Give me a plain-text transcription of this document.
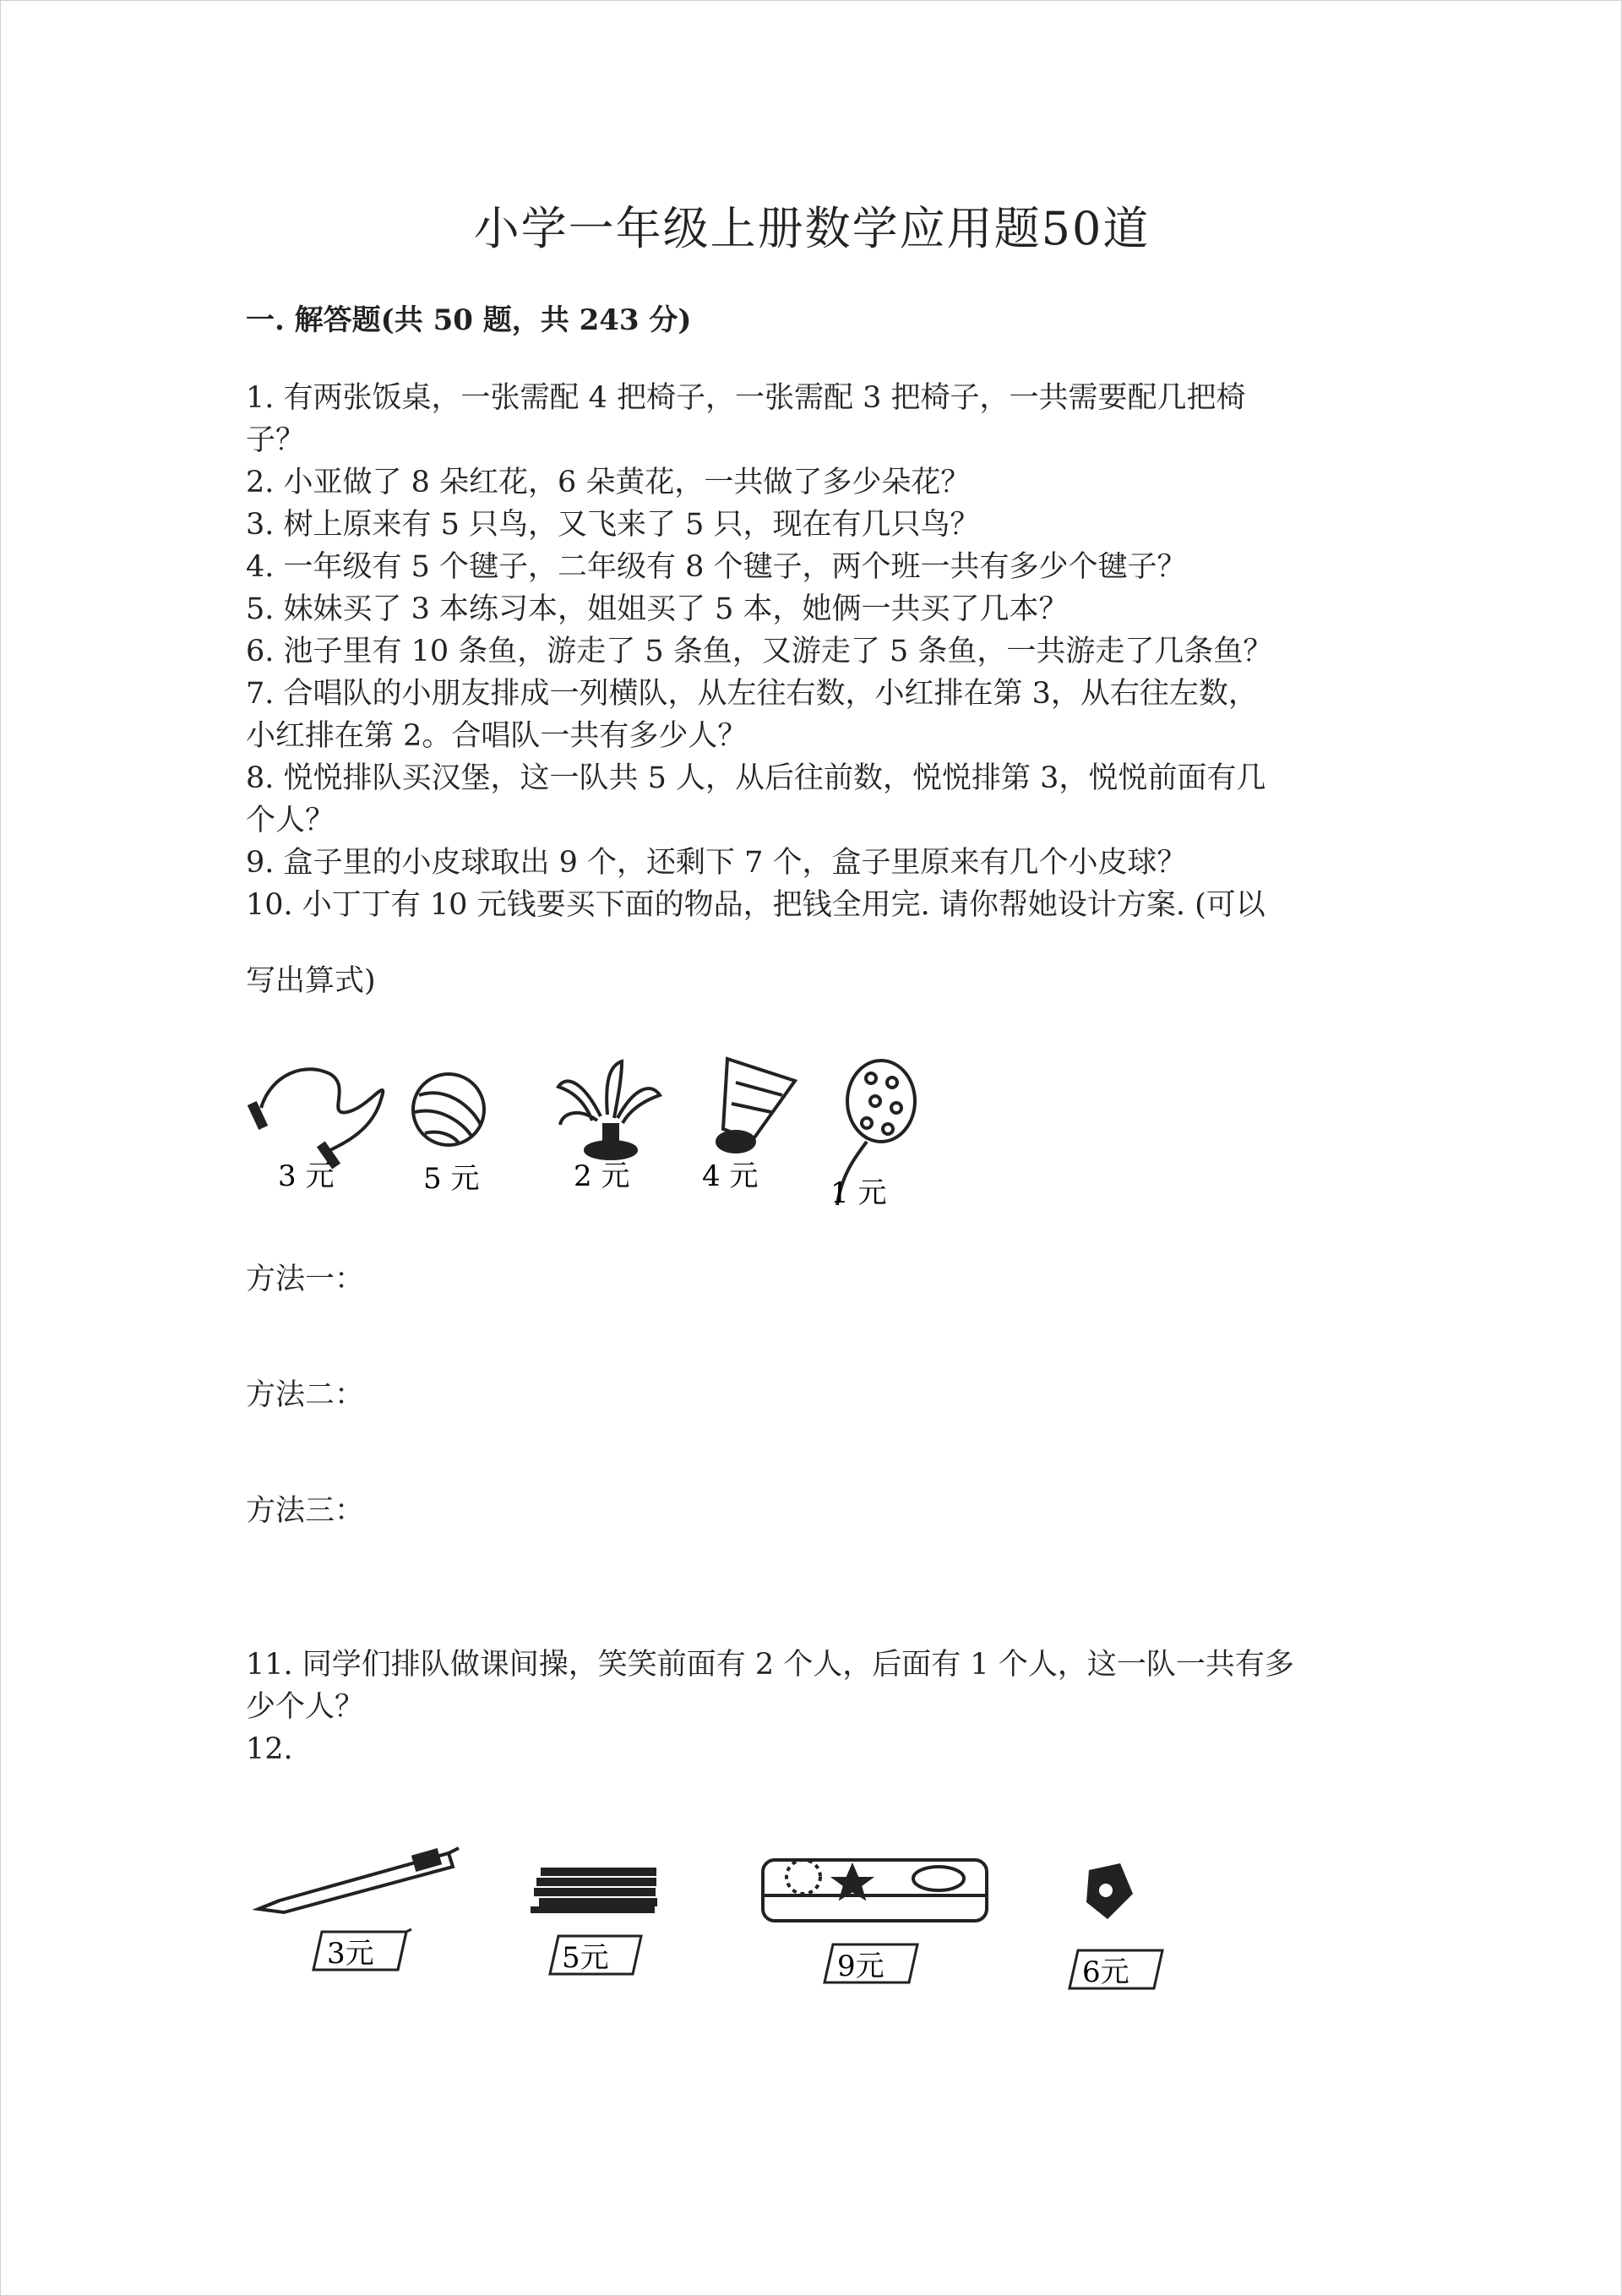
小学一年级上册数学应用题50道
一. 解答题(共 50 题，共 243 分)
1. 有两张饭桌，一张需配 4 把椅子，一张需配 3 把椅子，一共需要配几把椅
子？
2. 小亚做了 8 朵红花，6 朵黄花，一共做了多少朵花？
3. 树上原来有 5 只鸟，又飞来了 5 只，现在有几只鸟？
4. 一年级有 5 个毽子，二年级有 8 个毽子，两个班一共有多少个毽子？
5. 妹妹买了 3 本练习本，姐姐买了 5 本，她俩一共买了几本？
6. 池子里有 10 条鱼，游走了 5 条鱼，又游走了 5 条鱼，一共游走了几条鱼？
7. 合唱队的小朋友排成一列横队，从左往右数，小红排在第 3，从右往左数，
小红排在第 2。合唱队一共有多少人？
8. 悦悦排队买汉堡，这一队共 5 人，从后往前数，悦悦排第 3，悦悦前面有几
个人？
9. 盒子里的小皮球取出 9 个，还剩下 7 个，盒子里原来有几个小皮球？
10. 小丁丁有 10 元钱要买下面的物品，把钱全用完. 请你帮她设计方案. (可以
写出算式)
3 元	5 元	2 元	4 元	1 元
方法一：
方法二：
方法三：
11. 同学们排队做课间操，笑笑前面有 2 个人，后面有 1 个人，这一队一共有多
少个人？
12.
3元	5元	9元	6元
